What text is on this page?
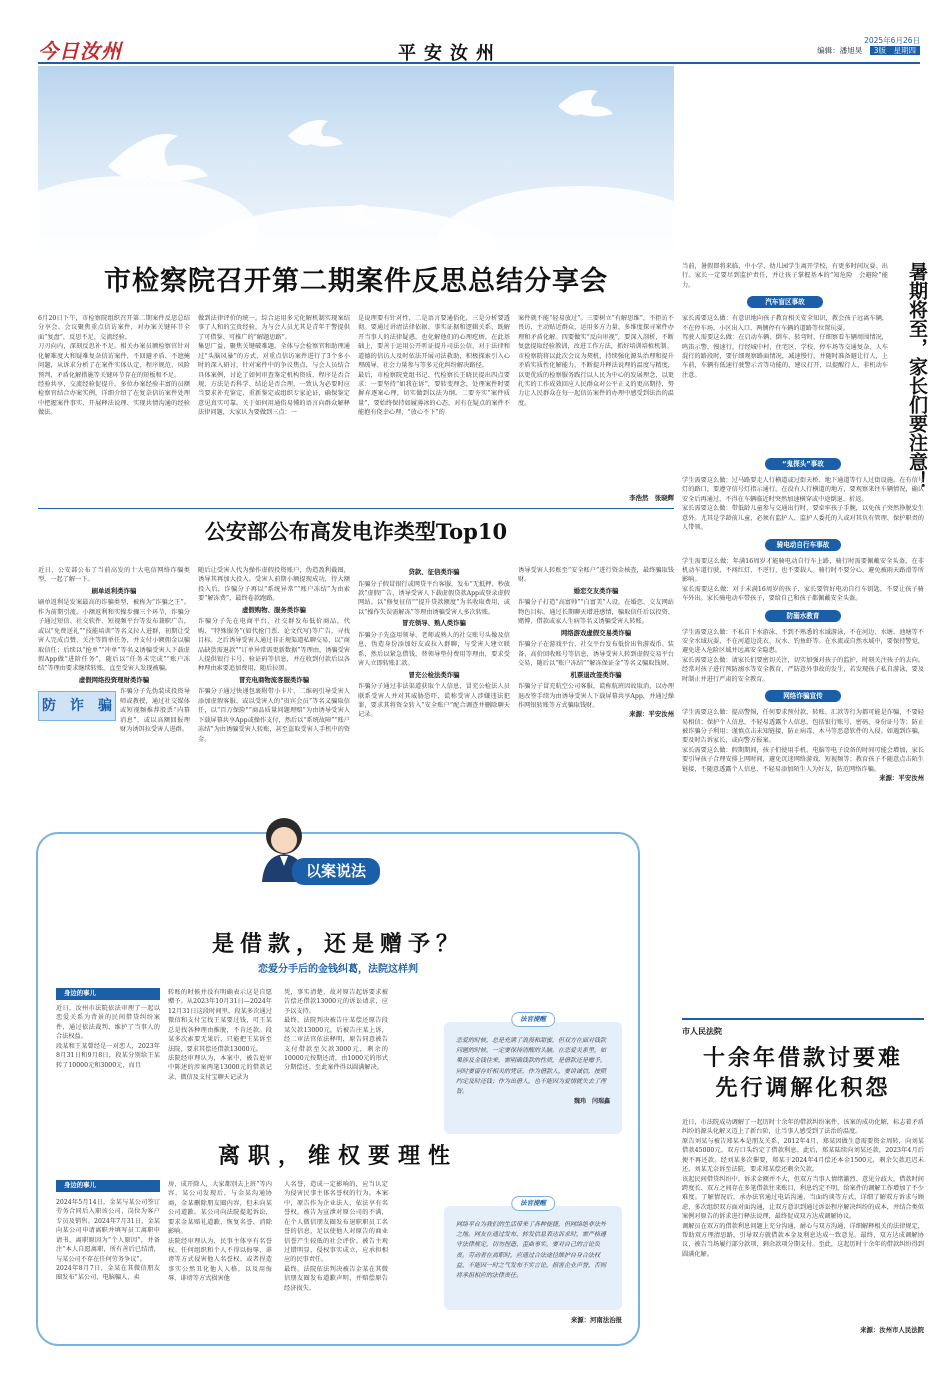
今日汝州	平安汝州
2025年6月26日
编辑：潘旭昊　 3版　星期四
市检察院召开第二期案件反思总结分享会
6月20日下午，市检察院组织召开第二期案件反思总结分享会。会议聚焦重点信访案件，对办案关键环节全面“复盘”，反思不足，交流经验。
刀刃向内，深刻反思补不足。相关办案员额检察官针对化解难度大和疑难复杂信访案件，不回避矛盾、不遮掩问题，从诉求分析了在案件实体认定、程序规范、风险预判、矛盾化解措施等关键环节存在的短板和不足。
经验共享，交流经验促提升。多位办案经验丰富的员额检察官结合办案实例，详细介绍了在复杂信访案件处理中把握案件事实、开展释法说理、实现共情沟通的经验做法。
做到法律评价的统一。综合运用多元化解机制实现案结事了人和的宝贵经验，为与会人员尤其是青年干警提供了可借鉴、可推广的“解题思路”。
集思广益，聚焦关键破难题。全体与会检察官和助理通过“头脑风暴”的方式，对重点信访案件进行了3个多小时的深入研讨，针对案件中的争议焦点，与会人员结合具体案例，讨论了如何审查鉴定机构资质、程序是否合规、方法是否科学、结论是否合理，一致认为必要时应当要求补充鉴定、重新鉴定或组织专家论证，确保鉴定意见真实可靠。关于如何用通俗易懂的语言向群众解释法律问题，大家认为要做到三点：一
是说理要有针对性，二是语言要通俗化，三是分析要透彻。要通过讲清法律依据、事实证据和逻辑关系，既解开当事人的法律疑惑，也化解他们的心理疙瘩。在此基础上，要善于运用公开听证提升司法公信，对于法律和道德的信访人及时依法开展司法救助，积极探索引入心理疏导、社会力量参与等多元化纠纷解决路径。
最后，市检察院党组书记、代检察长王晓民提出四点要求：一要坚持“如我在诉”，要转变理念，处理案件时要摒弃逐案心理，切实做到以法为纲。二要夯实“案件质量”，要始终保持如履薄冰的心态，对有在疑点的案件不能抱有侥幸心理，“放心不下”的
案件就不能“轻易放过”。三要树立“有解思维”，不拒访不畏访，主动贴近群众，运用多方力量、多维度探寻案件办理和矛盾化解。四要做实“反向审视”，要深入剖析，不断复盘提取经验教训，改进工作方法，抓好培训培植机制。
市检察院将以此次会议为契机，持续强化源头治理和提升矛盾实质性化解能力，不断提升释法说理的温度与精度，以更优质的检察服务践行以人民为中心的发展理念，以更扎实的工作成效回应人民群众对公平正义的更高期待，努力让人民群众在每一起信访案件的办理中感受到法治的温度。
李浩然　张晓辉
公安部公布高发电诈类型Top10
近日，公安部公布了当前高发的十大电信网络诈骗类型，一起了解一下。
刷单返利类诈骗
刷单返利是发案最高的诈骗类型，被称为“诈骗之王”。作为前期引流，小额返利和实操步骤三个环节，诈骗分子通过短信、社交软件、短视频平台等发布兼职广告，或以“免费送礼”“技能培训”等名义拉人进群，初期让受害人完成点赞、关注等简单任务，并支付小额佣金以骗取信任；后续以“抢单”“冲单”等名义诱骗受害人下载虚假App做“进阶任务”，随后以“任务未完成”“账户冻结”等理由要求继续转账，直至受害人发现被骗。
虚假网络投资理财类诈骗
防　诈　骗
诈骗分子先伪装成投资导师或教授，通过社交媒体或短视频推荐股票“内幕消息”，或以高额回报理财为诱饵拉受害人进群。
随后让受害人代为操作虚假投资账户，伪造盈利截图，诱导其再加大投入。受害人前期小额提现成功，待大额投入后，诈骗分子再以“系统异常”“账户冻结”为由索要“解冻费”，最终卷款跑路。
虚假购物、服务类诈骗
诈骗分子先在电商平台、社交群发布低价商品，代购、“特殊服务”(如代抢门票、论文代写)等广告，寻找目标。之后诱导受害人通过非正规渠道私聊交易，以“商品缺货需退款”“订单异常需更新数据”等理由，诱骗受害人提供银行卡号、验证码等信息，并在收到付款后以各种理由索要追加费用，随后拉黑。
冒充电商物流客服类诈骗
诈骗分子通过快递包裹附带小卡片、二维码引导受害人添加虚假客服，或以受害人的“贵宾会员”等名义骗取信任，以“百万保险”“商品质量问题理赔”为由诱导受害人下载屏幕共享App或操作支付，然后以“系统故障”“账户冻结”为由诱骗受害人转账，甚至盗取受害人手机中的资金。
贷款、征信类诈骗
诈骗分子假冒银行或网贷平台客服，发布“无抵押、秒放款”虚假广告，诱导受害人下载虚假贷款App或登录虚假网站。以“修复征信”“提升贷款额度”为名收取费用，或以“操作失误需解冻”等理由诱骗受害人多次转账。
冒充领导、熟人类诈骗
诈骗分子先盗用领导、老师或熟人的社交账号头像及信息，伪造身份添加好友或拉入群聊，与受害人建立联系，然后以紧急借钱、替领导垫付费用等理由，要求受害人立即转账汇款。
冒充公检法类诈骗
诈骗分子通过非法渠道获取个人信息，冒充公检法人员联系受害人并对其威胁恐吓，谎称受害人涉嫌违法犯罪，要求其将资金转入“安全账户”配合调查并删除聊天记录。
诱导受害人转账至“安全账户”进行资金核查，最终骗取钱财。
婚恋交友类诈骗
诈骗分子打造“高富帅”“白富美”人设，在婚恋、交友网站物色目标，通过长期聊天增进感情，骗取信任后以投资、赌博、借款或家人生病等名义诱骗受害人转账。
网络游戏虚假交易类诈骗
诈骗分子在游戏平台、社交平台发布低价出售游戏币、装备，高价回收账号等信息，诱导受害人转到虚假交易平台交易，随后以“账户冻结”“解冻保证金”等名义骗取钱财。
机票退改签类诈骗
诈骗分子冒充航空公司客服，谎称航班因故取消，以办理退改签手续为由诱导受害人下载屏幕共享App，并通过操作网银转账等方式骗取钱财。
来源：平安汝州
以案说法
是借款，还是赠予？
恋爱分手后的金钱纠葛，法院这样判
身边的事儿
近日，汝州市法院依法审理了一起以恋爱关系为背景的民间借贷纠纷案件，通过依法裁判，维护了当事人的合法权益。
段某和王某曾经是一对恋人，2023年8月31日和9月8日，段某分别给王某转了10000元和3000元，而且
转账的时候并没有明确表示这是自愿赠予。从2023年10月31日—2024年12月31日这段时间里，段某多次通过微信和支付宝找王某要过钱，可王某总是找各种理由推脱，不肯还款。段某多次索要无果后，只能把王某诉至法院，要求其偿还借款13000元。
法院经审理认为，本案中，被告庭审中陈述的涉案两笔13000元的借款记录、微信及支付宝聊天记录为
凭，事实清楚，故对原告起诉要求被告偿还借款13000元的诉讼请求，应予以支持。
最终，法院判决被告庄某偿还原告段某欠款13000元，后被告庄某上诉，经二审法官依法释明，原告同意被告支付借款至欠款3000元，剩余的10000元按期还清，由1000元的形式分期偿还。至此案件得以圆满解决。
法官提醒
恋爱的时候，总是充满了浪漫和甜蜜，但双方在面对钱款问题的时候，一定要保持清醒的头脑。在恋爱关系里，如果涉及金钱往来，需明确钱款的性质，是借款还是赠予，同时要留存好相关的凭证，作为借款人，要讲诚信，按照约定及时还钱；作为出借人，也不能因为爱情就失去了理智。
魏玮　闫瑞鑫
离职，维权要理性
身边的事儿
2024年5月14日，金某与某公司签订劳务合同后入职该公司，岗位为客户专员及销售。2024年7月31日，金某向某公司申请离职并填写员工离职申请书，离职原因为“个人原因”，并备注“本人自愿离职，所有善后已结清，与某公司不存在任何劳务争议”。
2024年8月7日，金某在其微信朋友圈发布“某公司，电脑骗人，卖
房，成开除人，大家都别去上班”等内容。某公司发现后，与金某沟通协商，金某删除朋友圈内容，但未向某公司道歉。某公司向法院提起诉讼，要求金某赔礼道歉、恢复名誉、消除影响。
法院经审理认为，民事主体享有名誉权。任何组织和个人不得以侮辱、诽谤等方式侵害他人名誉权。或者捏造事实公然丑化他人人格，以及用侮辱、诽谤等方式损害他
人名誉，造成一定影响的，应当认定为侵害民事主体名誉权的行为。本案中，原告作为企业法人，依法享有名誉权，被告为宣泄对原公司的不满，在个人微信朋友圈发布退职职员工名誉的信息，足以使他人对原告的商业信誉产生较低的社会评价。被告主观过错明显，侵权事实成立，应承担相应的民事责任。
最终，法院依法判决被告金某在其微信朋友圈发布道歉声明，并赔偿原告经济损失。
法官提醒
网络平台为我们的生活带来了各种便捷，但网络绝非法外之地。网友在通过发布、转发信息表达诉求时，需严格遵守法律规定，切勿捏造、歪曲事实，要对自己的言论负责。劳动者在离职时，应通过合法途径维护自身合法权益，不能因一时之气发布不实言论，损害企业声誉，否则将承担相应的法律责任。
来源：河南法治报
暑期将至，家长们要注意！
当前，暑假即将来临，中小学、幼儿园学生离开学校，有更多时间玩耍、出行。家长一定要尽到监护责任，并让孩子掌握基本的“知危险　会避险”能力。
汽车盲区事故
家长需要这么做：有意识地向孩子教育相关安全知识，教会孩子远离车辆，不在停车场、小区出入口、两侧停有车辆的道路等位置玩耍。
驾驶人需要这么做：在启动车辆、倒车、转弯时，仔细察看车辆周围情况，鸣笛示警，慢速行，行经城中村、住宅区、学校、停车场等交通复杂、人车混行的路段时，要仔细观察路面情况，减速慢行，并随时准备避让行人，上车前，车辆有低速行驶警示音等功能的，建议打开，以提醒行人、非机动车注意。
“鬼探头”事故
学生需要这么做：过马路要走人行横道或过街天桥、地下通道等行人过街设施。在有信号灯的路口，要遵守信号灯指示通行。在没有人行横道的地方，要观察来往车辆情况，确认安全后再通过，不得在车辆临近时突然加速横穿或中途倒退、折返。
家长需要这么做：带低龄儿童参与交通出行时，要牵牢孩子手腕，以免孩子突然挣脱发生意外。尤其是学龄前儿童，必须有监护人、监护人委托的人或对其负有管理、保护职责的人带领。
骑电动自行车事故
学生需要这么做：年满16周岁才能骑电动自行车上路，骑行时需要佩戴安全头盔，在非机动车道行驶，不闯红灯、不逆行，也不要载人。骑行时不要分心，避免被雨天路滑等所影响。
家长需要这么做：对于未满16周岁的孩子，家长要管好电动自行车钥匙，不要让孩子骑车外出。家长骑电动车带孩子，要给自己和孩子都佩戴安全头盔。
防溺水教育
学生需要这么做：不私自下水游泳，不到不熟悉的水域游泳，不在河边、水塘、池塘等不安全水域玩耍，不在河道边洗衣、玩水、钓鱼虾等。在水流或自然水域中，要保持警觉，避免进入危险区域并远离安全隐患。
家长需要这么做：请家长们要密切关注，切实加强对孩子的监护，时刻关注孩子的去向。经常对孩子进行预防溺水等安全教育，严防意外事故的发生，若发现孩子私自游泳，要及时制止并进行严肃的安全教育。
网络诈骗宣传
学生需要这么做：提高警惕，任何要求预付款、转账、汇款等行为都可能是诈骗，不要轻易相信；保护个人信息，不轻易透露个人信息，包括银行账号、密码、身份证号等；防止被诈骗分子利用；谨慎点击未知链接，防止病毒、木马等恶意软件的入侵。如遇到诈骗，要及时告诉家长，或向警方报案。
家长需要这么做：假期期间，孩子们使用手机、电脑等电子设备的时间可能会增加，家长要引导孩子合理安排上网时间，避免沉迷网络游戏、短视频等；教育孩子不随意点击陌生链接，不随意透露个人信息，不轻易添加陌生人为好友，防范网络诈骗。
来源：平安汝州
市人民法院
十余年借款讨要难
先行调解化积怨
近日，市法院成功调解了一起历时十余年的借款纠纷案件，该案的成功化解，标志着矛盾纠纷的源头化解又迈上了新台阶，让当事人感受到了法治的温度。
原告刘某与被告郑某本是朋友关系，2012年4月，郑某因做生意需要资金周转，向刘某借款45000元。双方口头约定了借款利息。此后，郑某陆续向刘某还款，2023年4月后便不再还款。经刘某多次催要，郑某于2024年4月偿还本金1500元，剩余欠款迟迟未还，刘某无奈诉至法院，要求郑某偿还剩余欠款。
该起民间借贷纠纷中，诉求金额并不大，但双方当事人情绪激烈、意见分歧大，借款时间跨度长、双方之间存在多笔借款往来账目，利息约定不明，给案件的调解工作增加了不少难度。了解情况后，承办法官通过电话沟通、当面约谈等方式，详细了解双方诉求与顾虑，多次组织双方面对面沟通，让双方意识到通过诉讼程序解决纠纷的成本，并结合类似案例对原告的诉求进行释法说理，最终促成双方达成调解协议。
调解员在双方的借款利息问题上充分沟通，耐心与双方沟通，详细解释相关的法律规定，帮助双方理清思路，引导双方就借款本金及利息达成一致意见。最终，双方达成调解协议，被告当场履行部分款项，剩余款项分期支付。至此，这起历时十余年的借款纠纷得到圆满化解。
来源：汝州市人民法院
